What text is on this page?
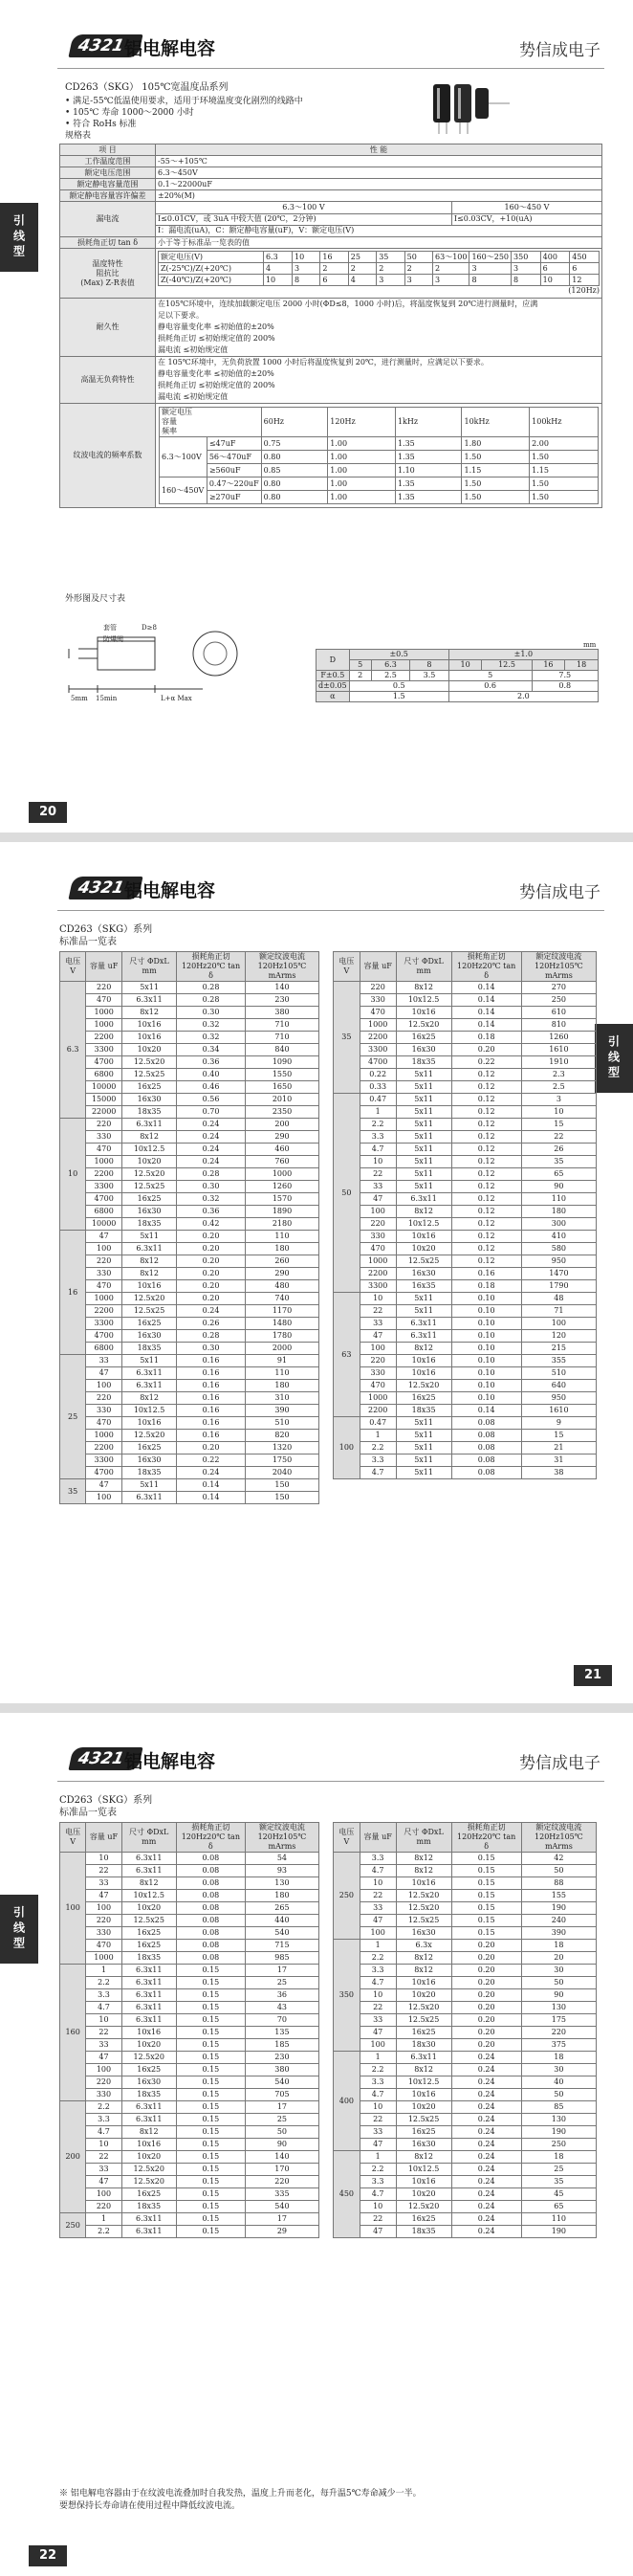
4321
铝电解电容	势信成电子
引线型
CD263（SKG） 105℃宽温度品系列
• 满足-55℃低温使用要求，适用于环境温度变化剧烈的线路中
• 105℃ 寿命 1000～2000 小时
• 符合 RoHs 标准
规格表
项 目	性 能
工作温度范围	-55～+105℃
额定电压范围	6.3～450V
额定静电容量范围	0.1～22000uF
额定静电容量容许偏差	±20%(M)
漏电流	
6.3～100 V	160～450 V
I≤0.01CV，或 3uA 中较大值 (20℃，2分钟)	I≤0.03CV，+10(uA)
I：漏电流(uA)，C：额定静电容量(uF)，V：额定电压(V)

损耗角正切 tan δ	小于等于标准品一览表的值

温度特性
阻抗比
(Max) Z-R表值

额定电压(V)	6.3	10	16	25	35	50	63～100	160～250	350	400	450
Z(-25℃)/Z(+20℃)	4	3	2	2	2	2	2	3	3	6	6
Z(-40℃)/Z(+20℃)	10	8	6	4	3	3	3	8	8	10	12
(120Hz)

耐久性	
在105℃环境中，连续加载额定电压 2000 小时(ΦD≤8，1000 小时)后，将温度恢复到 20℃进行测量时，应满
足以下要求。
静电容量变化率 ≤初始值的±20%
损耗角正切 ≤初始规定值的 200%
漏电流 ≤初始规定值

高温无负荷特性	
在 105℃环境中，无负荷放置 1000 小时后将温度恢复到 20℃，进行测量时，应满足以下要求。
静电容量变化率 ≤初始值的±20%
损耗角正切 ≤初始规定值的 200%
漏电流 ≤初始规定值

纹波电流的频率系数	
额定电压
容量
频率
	60Hz	120Hz	1kHz	10kHz	100kHz
6.3～100V	≤47uF	0.75	1.00	1.35	1.80	2.00
56～470uF	0.80	1.00	1.35	1.50	1.50
≥560uF	0.85	1.00	1.10	1.15	1.15
160～450V	0.47～220uF	0.80	1.00	1.35	1.50	1.50
≥270uF	0.80	1.00	1.35	1.50	1.50
外形图及尺寸表
套管
防爆阀
D≥8
5mm 15min	L+α Max
mm
D	±0.5			±1.0			
	5	6.3	8	10	12.5	16	18
F±0.5	2	2.5	3.5	5		7.5	
d±0.05	0.5			0.6		0.8	
α	1.5			2.0			
20
4321
铝电解电容	势信成电子
引线型
CD263（SKG）系列
标准品一览表
电压 V	容量 uF	尺寸 ΦDxL mm	损耗角正切 120Hz20℃ tan δ	额定纹波电流 120Hz105℃ mArms
6.3	220	5x11	0.28	140
	470	6.3x11	0.28	230
	1000	8x12	0.30	380
	1000	10x16	0.32	710
	2200	10x16	0.32	710
	3300	10x20	0.34	840
	4700	12.5x20	0.36	1090
	6800	12.5x25	0.40	1550
	10000	16x25	0.46	1650
	15000	16x30	0.56	2010
	22000	18x35	0.70	2350
10	220	6.3x11	0.24	200
	330	8x12	0.24	290
	470	10x12.5	0.24	460
	1000	10x20	0.24	760
	2200	12.5x20	0.28	1000
	3300	12.5x25	0.30	1260
	4700	16x25	0.32	1570
	6800	16x30	0.36	1890
	10000	18x35	0.42	2180
16	47	5x11	0.20	110
	100	6.3x11	0.20	180
	220	8x12	0.20	260
	330	8x12	0.20	290
	470	10x16	0.20	480
	1000	12.5x20	0.20	740
	2200	12.5x25	0.24	1170
	3300	16x25	0.26	1480
	4700	16x30	0.28	1780
	6800	18x35	0.30	2000
25	33	5x11	0.16	91
	47	6.3x11	0.16	110
	100	6.3x11	0.16	180
	220	8x12	0.16	310
	330	10x12.5	0.16	390
	470	10x16	0.16	510
	1000	12.5x20	0.16	820
	2200	16x25	0.20	1320
	3300	16x30	0.22	1750
	4700	18x35	0.24	2040
35	47	5x11	0.14	150
	100	6.3x11	0.14	150
电压 V	容量 uF	尺寸 ΦDxL mm	损耗角正切 120Hz20℃ tan δ	额定纹波电流 120Hz105℃ mArms
35	220	8x12	0.14	270
	330	10x12.5	0.14	250
	470	10x16	0.14	610
	1000	12.5x20	0.14	810
	2200	16x25	0.18	1260
	3300	16x30	0.20	1610
	4700	18x35	0.22	1910
	0.22	5x11	0.12	2.3
	0.33	5x11	0.12	2.5
50	0.47	5x11	0.12	3
	1	5x11	0.12	10
	2.2	5x11	0.12	15
	3.3	5x11	0.12	22
	4.7	5x11	0.12	26
	10	5x11	0.12	35
	22	5x11	0.12	65
	33	5x11	0.12	90
	47	6.3x11	0.12	110
	100	8x12	0.12	180
	220	10x12.5	0.12	300
	330	10x16	0.12	410
	470	10x20	0.12	580
	1000	12.5x25	0.12	950
	2200	16x30	0.16	1470
	3300	16x35	0.18	1790
63	10	5x11	0.10	48
	22	5x11	0.10	71
	33	6.3x11	0.10	100
	47	6.3x11	0.10	120
	100	8x12	0.10	215
	220	10x16	0.10	355
	330	10x16	0.10	510
	470	12.5x20	0.10	640
	1000	16x25	0.10	950
	2200	18x35	0.14	1610
100	0.47	5x11	0.08	9
	1	5x11	0.08	15
	2.2	5x11	0.08	21
	3.3	5x11	0.08	31
	4.7	5x11	0.08	38
21
4321
铝电解电容	势信成电子
引线型
CD263（SKG）系列
标准品一览表
电压 V	容量 uF	尺寸 ΦDxL mm	损耗角正切 120Hz20℃ tan δ	额定纹波电流 120Hz105℃ mArms
100	10	6.3x11	0.08	54
	22	6.3x11	0.08	93
	33	8x12	0.08	130
	47	10x12.5	0.08	180
	100	10x20	0.08	265
	220	12.5x25	0.08	440
	330	16x25	0.08	540
	470	16x25	0.08	715
	1000	18x35	0.08	985
160	1	6.3x11	0.15	17
	2.2	6.3x11	0.15	25
	3.3	6.3x11	0.15	36
	4.7	6.3x11	0.15	43
	10	6.3x11	0.15	70
	22	10x16	0.15	135
	33	10x20	0.15	185
	47	12.5x20	0.15	230
	100	16x25	0.15	380
	220	16x30	0.15	540
	330	18x35	0.15	705
200	2.2	6.3x11	0.15	17
	3.3	6.3x11	0.15	25
	4.7	8x12	0.15	50
	10	10x16	0.15	90
	22	10x20	0.15	140
	33	12.5x20	0.15	170
	47	12.5x20	0.15	220
	100	16x25	0.15	335
	220	18x35	0.15	540
250	1	6.3x11	0.15	17
	2.2	6.3x11	0.15	29
电压 V	容量 uF	尺寸 ΦDxL mm	损耗角正切 120Hz20℃ tan δ	额定纹波电流 120Hz105℃ mArms
250	3.3	8x12	0.15	42
	4.7	8x12	0.15	50
	10	10x16	0.15	88
	22	12.5x20	0.15	155
	33	12.5x20	0.15	190
	47	12.5x25	0.15	240
	100	16x30	0.15	390
350	1	6.3x	0.20	18
	2.2	8x12	0.20	20
	3.3	8x12	0.20	30
	4.7	10x16	0.20	50
	10	10x20	0.20	90
	22	12.5x20	0.20	130
	33	12.5x25	0.20	175
	47	16x25	0.20	220
	100	18x30	0.20	375
400	1	6.3x11	0.24	18
	2.2	8x12	0.24	30
	3.3	10x12.5	0.24	40
	4.7	10x16	0.24	50
	10	10x20	0.24	85
	22	12.5x25	0.24	130
	33	16x25	0.24	190
	47	16x30	0.24	250
450	1	8x12	0.24	18
	2.2	10x12.5	0.24	25
	3.3	10x16	0.24	35
	4.7	10x20	0.24	45
	10	12.5x20	0.24	65
	22	16x25	0.24	110
	47	18x35	0.24	190
※ 铝电解电容器由于在纹波电流叠加时自我发热，温度上升而老化，每升温5℃寿命减少一半。
要想保持长寿命请在使用过程中降低纹波电流。
22
